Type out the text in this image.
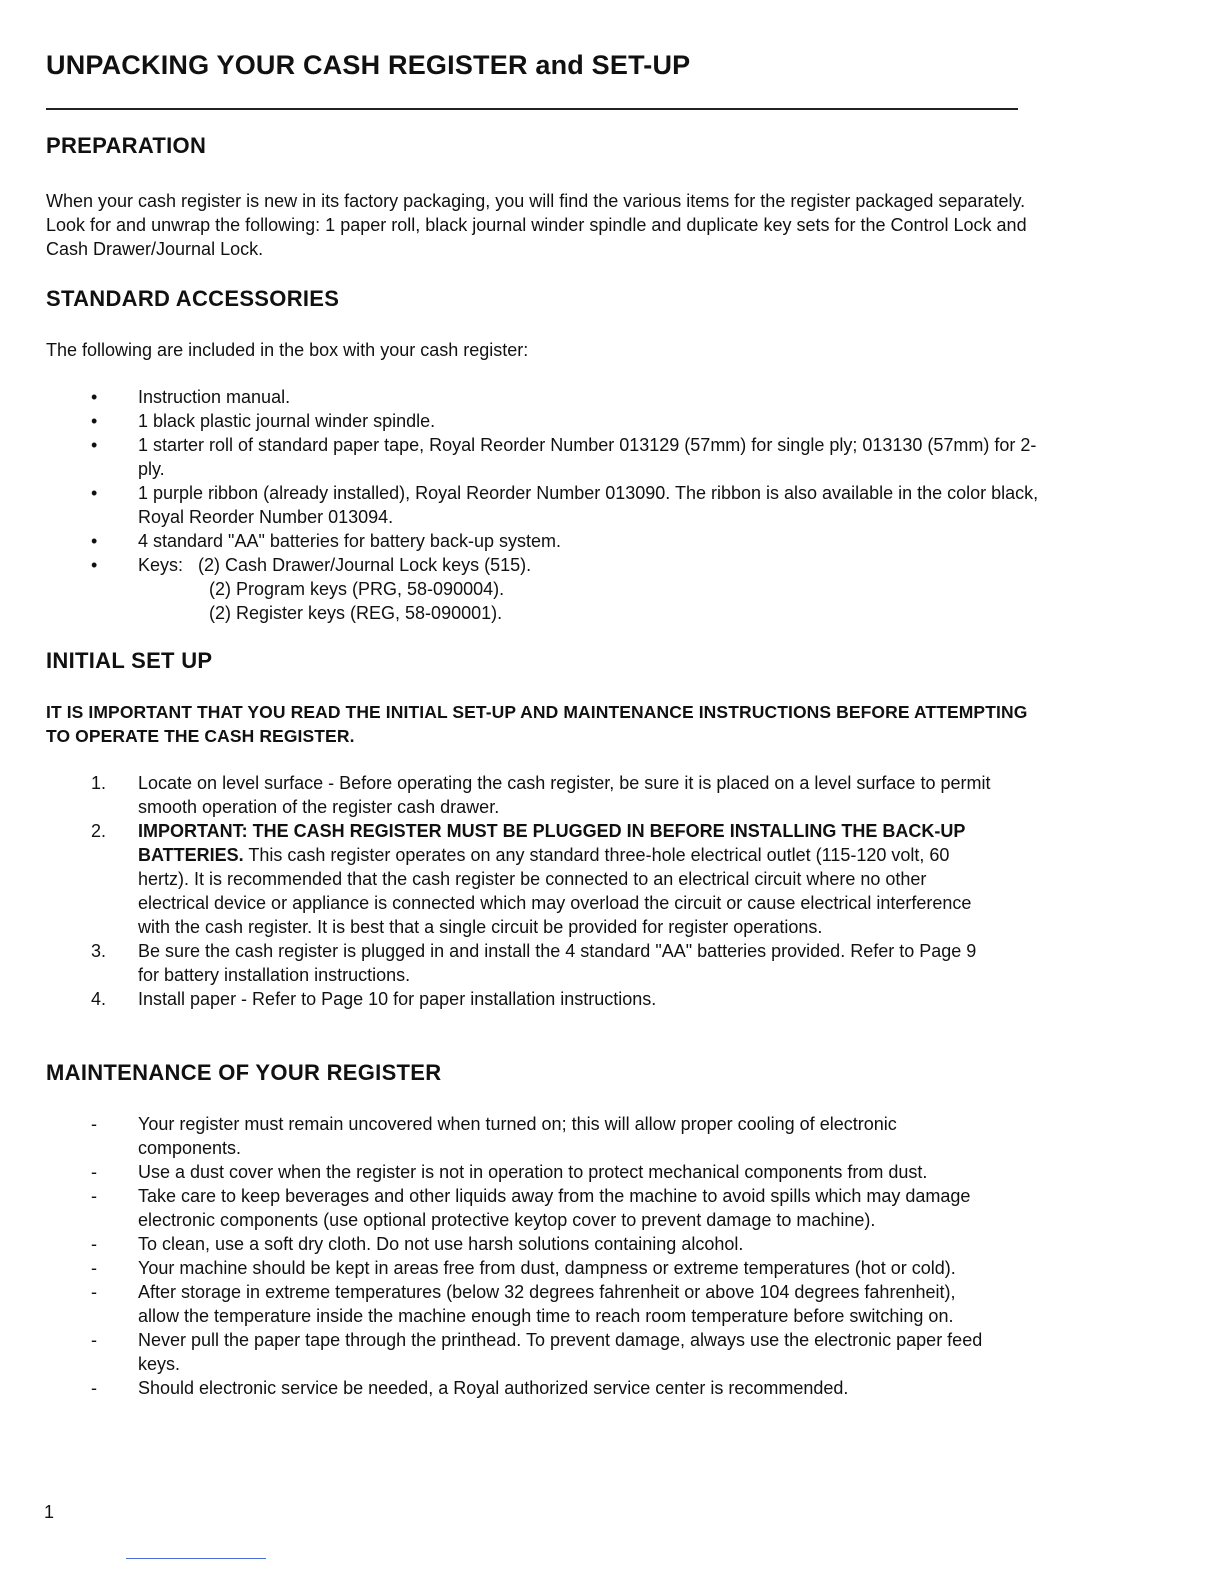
UNPACKING YOUR CASH REGISTER and SET-UP
PREPARATION

When your cash register is new in its factory packaging, you will find the various items for the register packaged separately. Look for and unwrap the following: 1 paper roll, black journal winder spindle and duplicate key sets for the Control Lock and Cash Drawer/Journal Lock.

STANDARD ACCESSORIES

The following are included in the box with your cash register:

•	Instruction manual.
•	1 black plastic journal winder spindle.
•	1 starter roll of standard paper tape, Royal Reorder Number 013129 (57mm) for single ply; 013130 (57mm) for 2-ply.
•	1 purple ribbon (already installed), Royal Reorder Number 013090. The ribbon is also available in the color black, Royal Reorder Number 013094.
•	4 standard "AA" batteries for battery back-up system.
•	Keys: (2) Cash Drawer/Journal Lock keys (515).
(2) Program keys (PRG, 58-090004).
(2) Register keys (REG, 58-090001).
INITIAL SET UP

IT IS IMPORTANT THAT YOU READ THE INITIAL SET-UP AND MAINTENANCE INSTRUCTIONS BEFORE ATTEMPTING TO OPERATE THE CASH REGISTER.

1.	Locate on level surface - Before operating the cash register, be sure it is placed on a level surface to permit smooth operation of the register cash drawer.
2.	IMPORTANT: THE CASH REGISTER MUST BE PLUGGED IN BEFORE INSTALLING THE BACK-UP BATTERIES. This cash register operates on any standard three-hole electrical outlet (115-120 volt, 60 hertz). It is recommended that the cash register be connected to an electrical circuit where no other electrical device or appliance is connected which may overload the circuit or cause electrical interference with the cash register. It is best that a single circuit be provided for register operations.
3.	Be sure the cash register is plugged in and install the 4 standard "AA" batteries provided. Refer to Page 9 for battery installation instructions.
4.	Install paper - Refer to Page 10 for paper installation instructions.
MAINTENANCE OF YOUR REGISTER
-	Your register must remain uncovered when turned on; this will allow proper cooling of electronic components.
-	Use a dust cover when the register is not in operation to protect mechanical components from dust.
-	Take care to keep beverages and other liquids away from the machine to avoid spills which may damage electronic components (use optional protective keytop cover to prevent damage to machine).
-	To clean, use a soft dry cloth. Do not use harsh solutions containing alcohol.
-	Your machine should be kept in areas free from dust, dampness or extreme temperatures (hot or cold).
-	After storage in extreme temperatures (below 32 degrees fahrenheit or above 104 degrees fahrenheit), allow the temperature inside the machine enough time to reach room temperature before switching on.
-	Never pull the paper tape through the printhead. To prevent damage, always use the electronic paper feed keys.
-	Should electronic service be needed, a Royal authorized service center is recommended.

1
